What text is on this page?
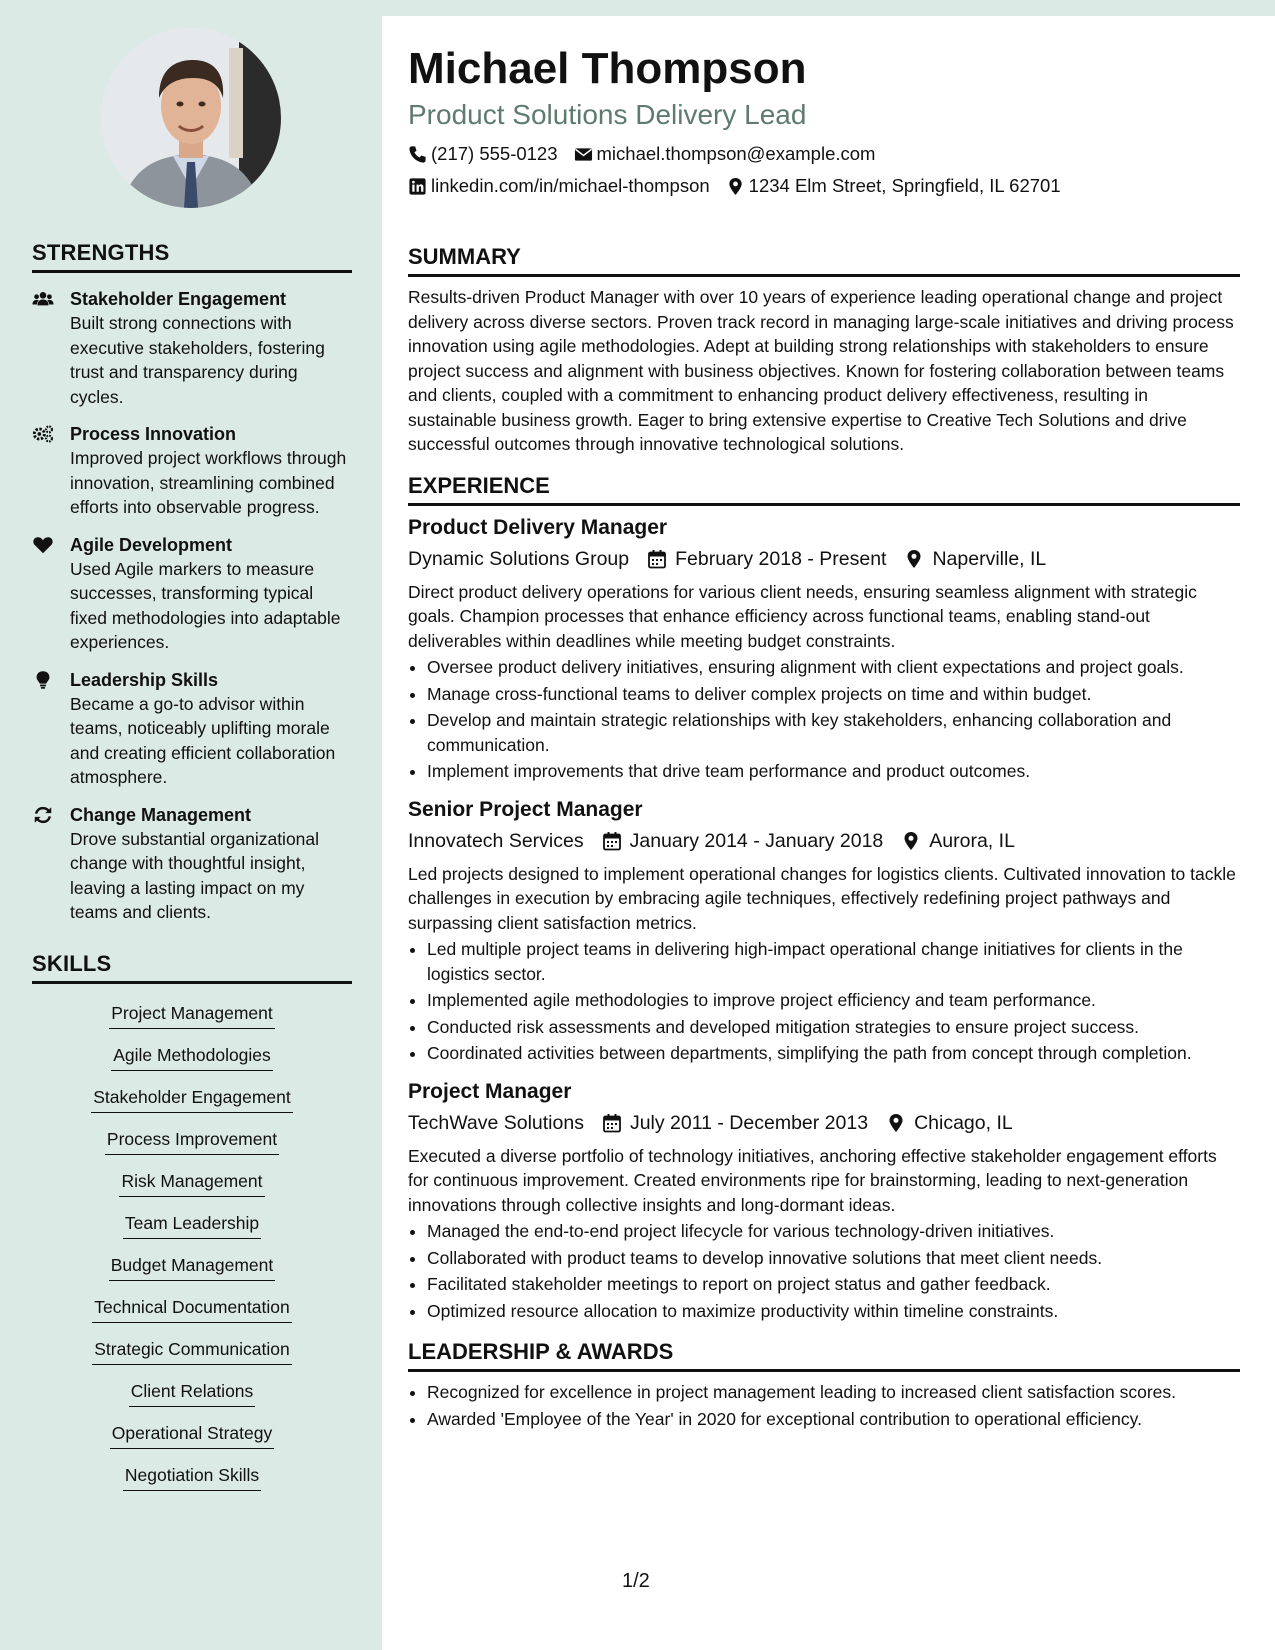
STRENGTHS
Stakeholder Engagement
Built strong connections with executive stakeholders, fostering trust and transparency during cycles.
Process Innovation
Improved project workflows through innovation, streamlining combined efforts into observable progress.
Agile Development
Used Agile markers to measure successes, transforming typical fixed methodologies into adaptable experiences.
Leadership Skills
Became a go-to advisor within teams, noticeably uplifting morale and creating efficient collaboration atmosphere.
Change Management
Drove substantial organizational change with thoughtful insight, leaving a lasting impact on my teams and clients.
SKILLS
Project Management
Agile Methodologies
Stakeholder Engagement
Process Improvement
Risk Management
Team Leadership
Budget Management
Technical Documentation
Strategic Communication
Client Relations
Operational Strategy
Negotiation Skills
Michael Thompson
Product Solutions Delivery Lead
(217) 555-0123 michael.thompson@example.com
linkedin.com/in/michael-thompson 1234 Elm Street, Springfield, IL 62701
SUMMARY

Results-driven Product Manager with over 10 years of experience leading operational change and project delivery across diverse sectors. Proven track record in managing large-scale initiatives and driving process innovation using agile methodologies. Adept at building strong relationships with stakeholders to ensure project success and alignment with business objectives. Known for fostering collaboration between teams and clients, coupled with a commitment to enhancing product delivery effectiveness, resulting in sustainable business growth. Eager to bring extensive expertise to Creative Tech Solutions and drive successful outcomes through innovative technological solutions.

EXPERIENCE
Product Delivery Manager
Dynamic Solutions Group February 2018 - Present Naperville, IL

Direct product delivery operations for various client needs, ensuring seamless alignment with strategic goals. Champion processes that enhance efficiency across functional teams, enabling stand-out deliverables within deadlines while meeting budget constraints.

• Oversee product delivery initiatives, ensuring alignment with client expectations and project goals.
• Manage cross-functional teams to deliver complex projects on time and within budget.
• Develop and maintain strategic relationships with key stakeholders, enhancing collaboration and communication.
• Implement improvements that drive team performance and product outcomes.
Senior Project Manager
Innovatech Services January 2014 - January 2018 Aurora, IL

Led projects designed to implement operational changes for logistics clients. Cultivated innovation to tackle challenges in execution by embracing agile techniques, effectively redefining project pathways and surpassing client satisfaction metrics.

• Led multiple project teams in delivering high-impact operational change initiatives for clients in the logistics sector.
• Implemented agile methodologies to improve project efficiency and team performance.
• Conducted risk assessments and developed mitigation strategies to ensure project success.
• Coordinated activities between departments, simplifying the path from concept through completion.
Project Manager
TechWave Solutions July 2011 - December 2013 Chicago, IL

Executed a diverse portfolio of technology initiatives, anchoring effective stakeholder engagement efforts for continuous improvement. Created environments ripe for brainstorming, leading to next-generation innovations through collective insights and long-dormant ideas.

• Managed the end-to-end project lifecycle for various technology-driven initiatives.
• Collaborated with product teams to develop innovative solutions that meet client needs.
• Facilitated stakeholder meetings to report on project status and gather feedback.
• Optimized resource allocation to maximize productivity within timeline constraints.
LEADERSHIP & AWARDS
• Recognized for excellence in project management leading to increased client satisfaction scores.
• Awarded 'Employee of the Year' in 2020 for exceptional contribution to operational efficiency.
1/2
